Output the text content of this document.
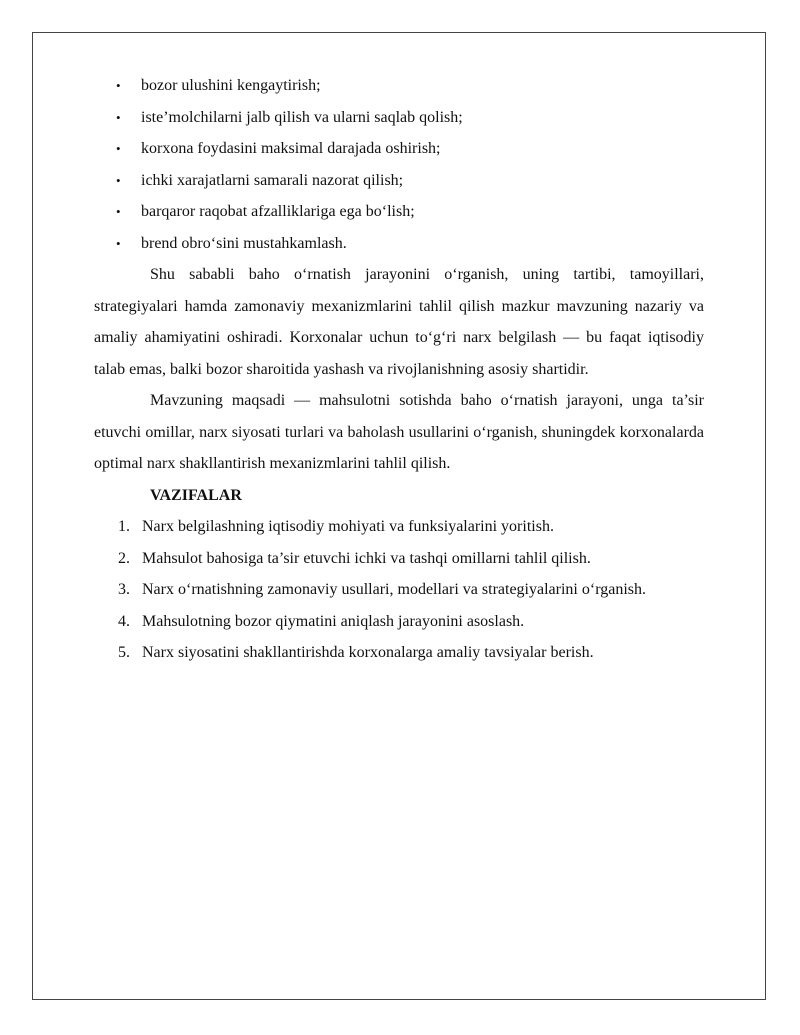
• bozor ulushini kengaytirish;
• iste’molchilarni jalb qilish va ularni saqlab qolish;
• korxona foydasini maksimal darajada oshirish;
• ichki xarajatlarni samarali nazorat qilish;
• barqaror raqobat afzalliklariga ega bo‘lish;
• brend obro‘sini mustahkamlash.

Shu sababli baho o‘rnatish jarayonini o‘rganish, uning tartibi, tamoyillari, strategiyalari hamda zamonaviy mexanizmlarini tahlil qilish mazkur mavzuning nazariy va amaliy ahamiyatini oshiradi. Korxonalar uchun to‘g‘ri narx belgilash — bu faqat iqtisodiy talab emas, balki bozor sharoitida yashash va rivojlanishning asosiy shartidir.

Mavzuning maqsadi — mahsulotni sotishda baho o‘rnatish jarayoni, unga ta’sir etuvchi omillar, narx siyosati turlari va baholash usullarini o‘rganish, shuningdek korxonalarda optimal narx shakllantirish mexanizmlarini tahlil qilish.

VAZIFALAR

1. Narx belgilashning iqtisodiy mohiyati va funksiyalarini yoritish.
2. Mahsulot bahosiga ta’sir etuvchi ichki va tashqi omillarni tahlil qilish.
3. Narx o‘rnatishning zamonaviy usullari, modellari va strategiyalarini o‘rganish.
4. Mahsulotning bozor qiymatini aniqlash jarayonini asoslash.
5. Narx siyosatini shakllantirishda korxonalarga amaliy tavsiyalar berish.
